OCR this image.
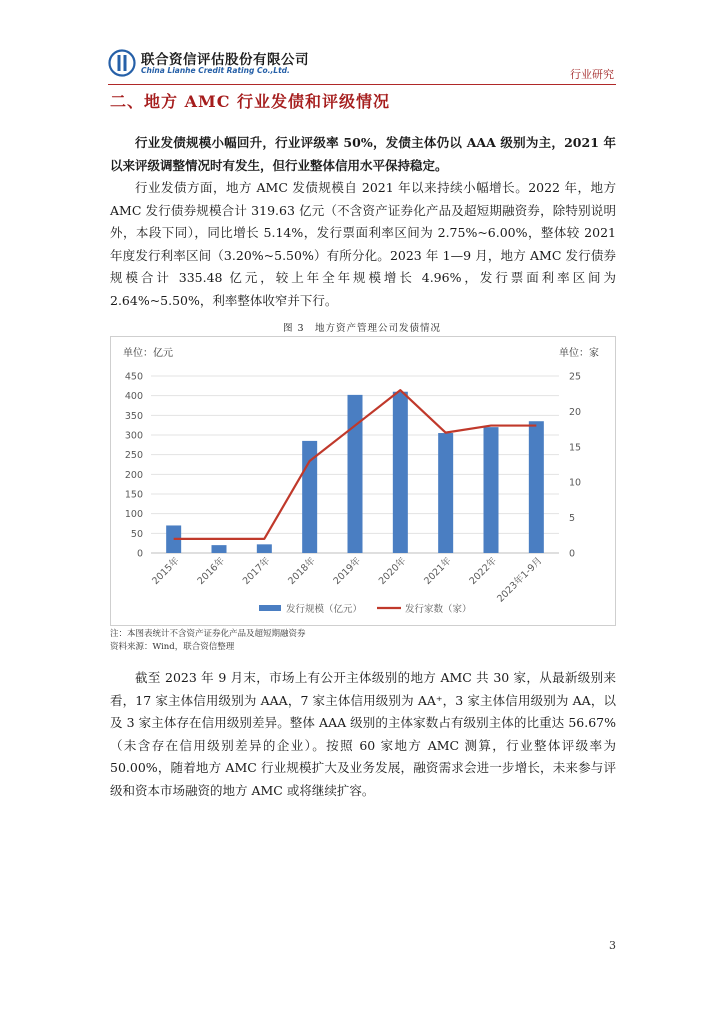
联合资信评估股份有限公司
China Lianhe Credit Rating Co.,Ltd.	行业研究
二、地方 AMC 行业发债和评级情况

行业发债规模小幅回升，行业评级率 50%，发债主体仍以 AAA 级别为主，2021 年以来评级调整情况时有发生，但行业整体信用水平保持稳定。

行业发债方面，地方 AMC 发债规模自 2021 年以来持续小幅增长。2022 年，地方 AMC 发行债券规模合计 319.63 亿元（不含资产证券化产品及超短期融资券，除特别说明外，本段下同），同比增长 5.14%，发行票面利率区间为 2.75%~6.00%，整体较 2021 年度发行利率区间（3.20%~5.50%）有所分化。2023 年 1—9 月，地方 AMC 发行债券规模合计 335.48 亿元，较上年全年规模增长 4.96%，发行票面利率区间为 2.64%~5.50%，利率整体收窄并下行。

图 3　地方资产管理公司发债情况
0
50
100
150
200
250
300
350
400
450
0
5
10
15
20
25
单位：亿元	单位：家
2015年 2016年 2017年 2018年 2019年 2020年 2021年 2022年
2023年1-9月
发行规模（亿元）	发行家数（家）
注：本图表统计不含资产证券化产品及超短期融资券
资料来源：Wind，联合资信整理

截至 2023 年 9 月末，市场上有公开主体级别的地方 AMC 共 30 家，从最新级别来看，17 家主体信用级别为 AAA，7 家主体信用级别为 AA⁺，3 家主体信用级别为 AA，以及 3 家主体存在信用级别差异。整体 AAA 级别的主体家数占有级别主体的比重达 56.67%（未含存在信用级别差异的企业）。按照 60 家地方 AMC 测算，行业整体评级率为 50.00%，随着地方 AMC 行业规模扩大及业务发展，融资需求会进一步增长，未来参与评级和资本市场融资的地方 AMC 或将继续扩容。

3
